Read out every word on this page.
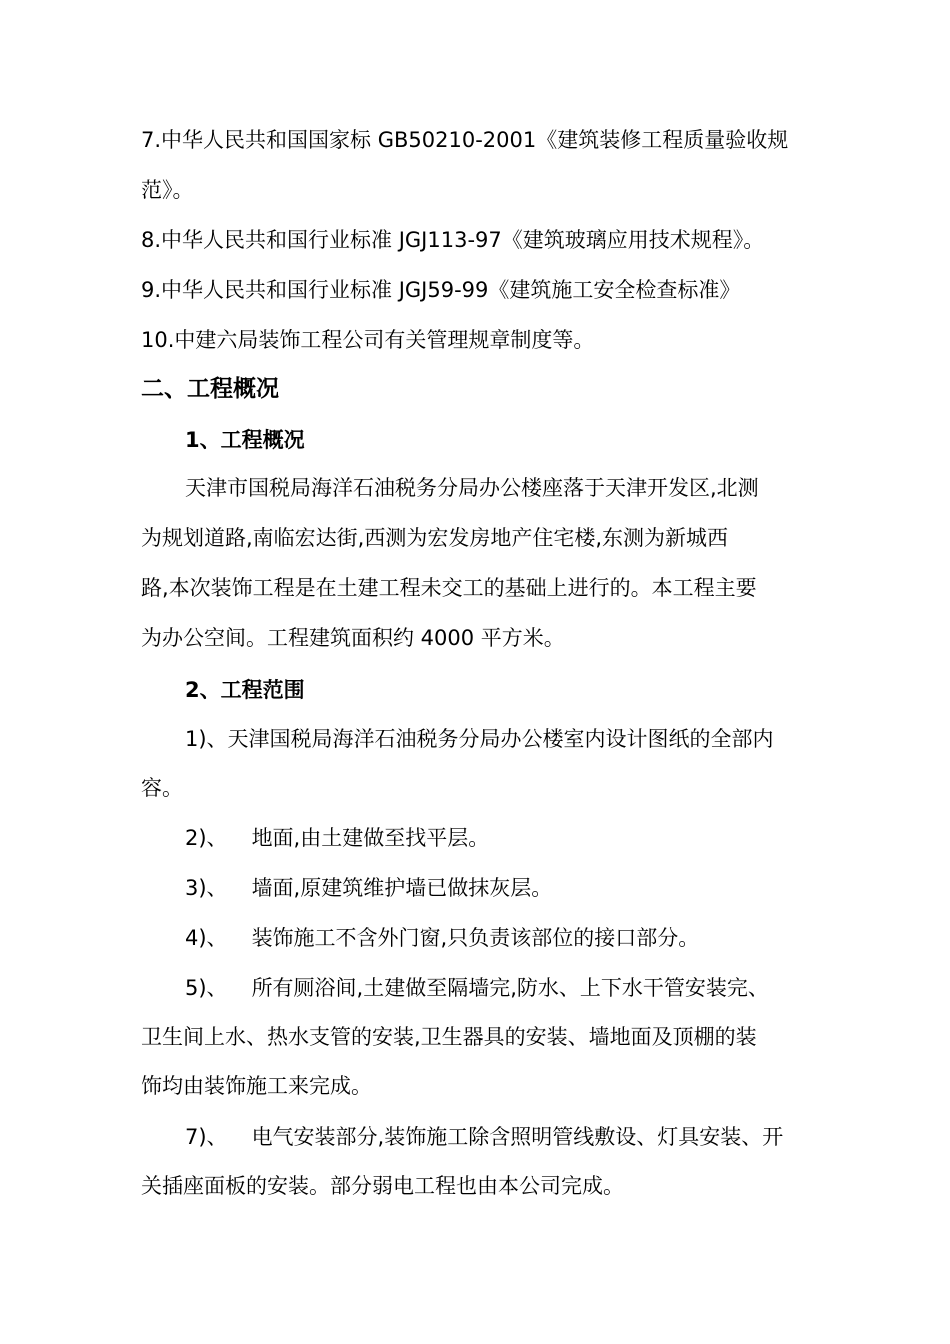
7.中华人民共和国国家标 GB50210-2001《建筑装修工程质量验收规
范》。
8.中华人民共和国行业标准 JGJ113-97《建筑玻璃应用技术规程》。
9.中华人民共和国行业标准 JGJ59-99《建筑施工安全检查标准》
10.中建六局装饰工程公司有关管理规章制度等。
二、工程概况
1、工程概况
天津市国税局海洋石油税务分局办公楼座落于天津开发区,北测
为规划道路,南临宏达街,西测为宏发房地产住宅楼,东测为新城西
路,本次装饰工程是在土建工程未交工的基础上进行的。本工程主要
为办公空间。工程建筑面积约 4000 平方米。
2、工程范围
1)、天津国税局海洋石油税务分局办公楼室内设计图纸的全部内
容。
2)、 地面,由土建做至找平层。
3)、 墙面,原建筑维护墙已做抹灰层。
4)、 装饰施工不含外门窗,只负责该部位的接口部分。
5)、 所有厕浴间,土建做至隔墙完,防水、上下水干管安装完、
卫生间上水、热水支管的安装,卫生器具的安装、墙地面及顶棚的装
饰均由装饰施工来完成。
7)、 电气安装部分,装饰施工除含照明管线敷设、灯具安装、开
关插座面板的安装。部分弱电工程也由本公司完成。
